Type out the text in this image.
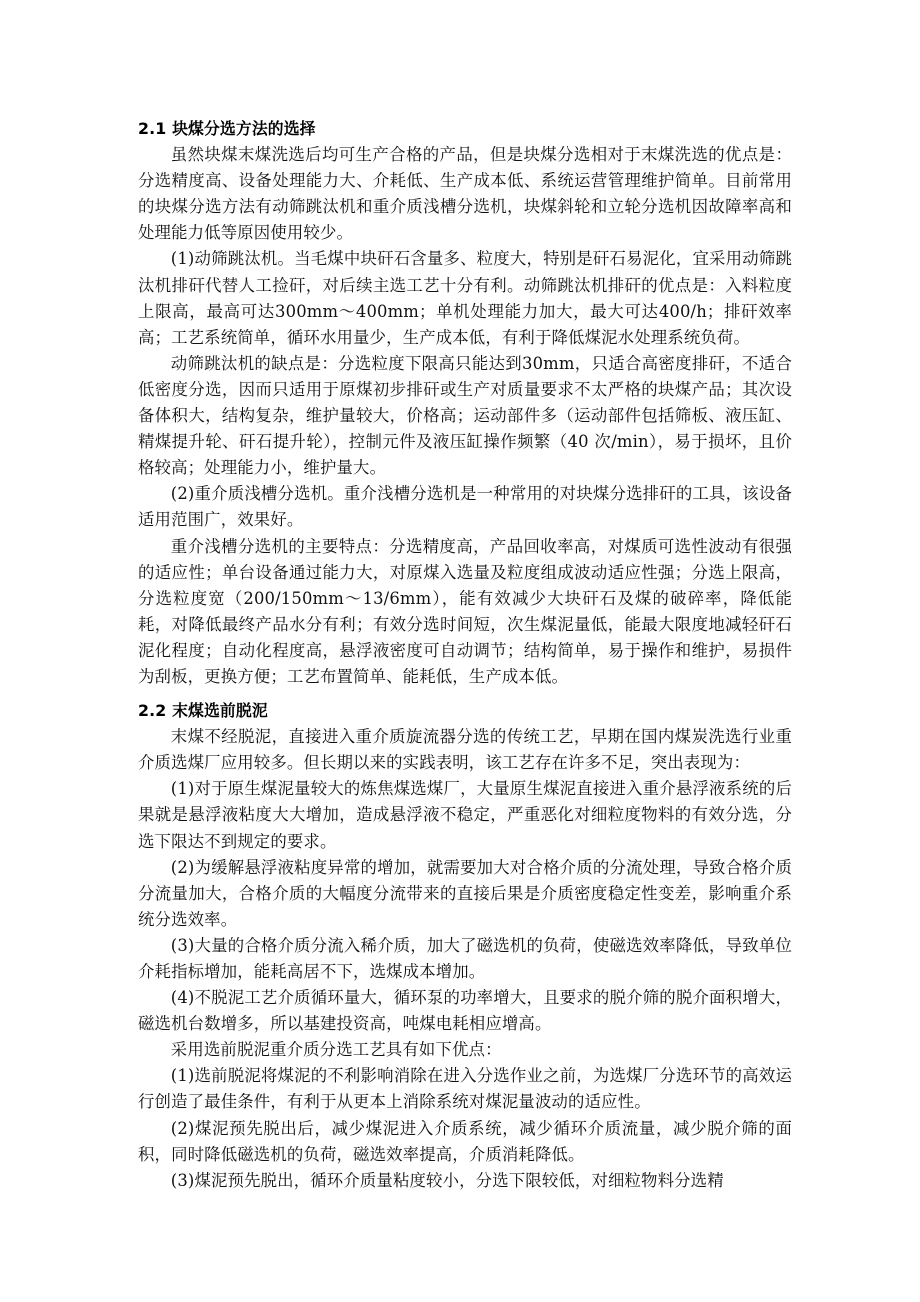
2.1 块煤分选方法的选择

虽然块煤末煤洗选后均可生产合格的产品，但是块煤分选相对于末煤洗选的优点是：分选精度高、设备处理能力大、介耗低、生产成本低、系统运营管理维护简单。目前常用的块煤分选方法有动筛跳汰机和重介质浅槽分选机，块煤斜轮和立轮分选机因故障率高和处理能力低等原因使用较少。

(1)动筛跳汰机。当毛煤中块矸石含量多、粒度大，特别是矸石易泥化，宜采用动筛跳汰机排矸代替人工捡矸，对后续主选工艺十分有利。动筛跳汰机排矸的优点是：入料粒度上限高，最高可达300mm～400mm；单机处理能力加大，最大可达400/h；排矸效率高；工艺系统简单，循环水用量少，生产成本低，有利于降低煤泥水处理系统负荷。

动筛跳汰机的缺点是：分选粒度下限高只能达到30mm，只适合高密度排矸，不适合低密度分选，因而只适用于原煤初步排矸或生产对质量要求不太严格的块煤产品；其次设备体积大，结构复杂，维护量较大，价格高；运动部件多（运动部件包括筛板、液压缸、精煤提升轮、矸石提升轮），控制元件及液压缸操作频繁（40 次/min），易于损坏，且价格较高；处理能力小，维护量大。

(2)重介质浅槽分选机。重介浅槽分选机是一种常用的对块煤分选排矸的工具，该设备适用范围广，效果好。

重介浅槽分选机的主要特点：分选精度高，产品回收率高，对煤质可选性波动有很强的适应性；单台设备通过能力大，对原煤入选量及粒度组成波动适应性强；分选上限高，分选粒度宽（200/150mm～13/6mm），能有效减少大块矸石及煤的破碎率，降低能耗，对降低最终产品水分有利；有效分选时间短，次生煤泥量低，能最大限度地减轻矸石泥化程度；自动化程度高，悬浮液密度可自动调节；结构简单，易于操作和维护，易损件为刮板，更换方便；工艺布置简单、能耗低，生产成本低。

2.2 末煤选前脱泥

末煤不经脱泥，直接进入重介质旋流器分选的传统工艺，早期在国内煤炭洗选行业重介质选煤厂应用较多。但长期以来的实践表明，该工艺存在许多不足，突出表现为：

(1)对于原生煤泥量较大的炼焦煤选煤厂，大量原生煤泥直接进入重介悬浮液系统的后果就是悬浮液粘度大大增加，造成悬浮液不稳定，严重恶化对细粒度物料的有效分选，分选下限达不到规定的要求。

(2)为缓解悬浮液粘度异常的增加，就需要加大对合格介质的分流处理，导致合格介质分流量加大，合格介质的大幅度分流带来的直接后果是介质密度稳定性变差，影响重介系统分选效率。

(3)大量的合格介质分流入稀介质，加大了磁选机的负荷，使磁选效率降低，导致单位介耗指标增加，能耗高居不下，选煤成本增加。

(4)不脱泥工艺介质循环量大，循环泵的功率增大，且要求的脱介筛的脱介面积增大，磁选机台数增多，所以基建投资高，吨煤电耗相应增高。

采用选前脱泥重介质分选工艺具有如下优点：

(1)选前脱泥将煤泥的不利影响消除在进入分选作业之前，为选煤厂分选环节的高效运行创造了最佳条件，有利于从更本上消除系统对煤泥量波动的适应性。

(2)煤泥预先脱出后，减少煤泥进入介质系统，减少循环介质流量，减少脱介筛的面积，同时降低磁选机的负荷，磁选效率提高，介质消耗降低。

(3)煤泥预先脱出，循环介质量粘度较小，分选下限较低，对细粒物料分选精
